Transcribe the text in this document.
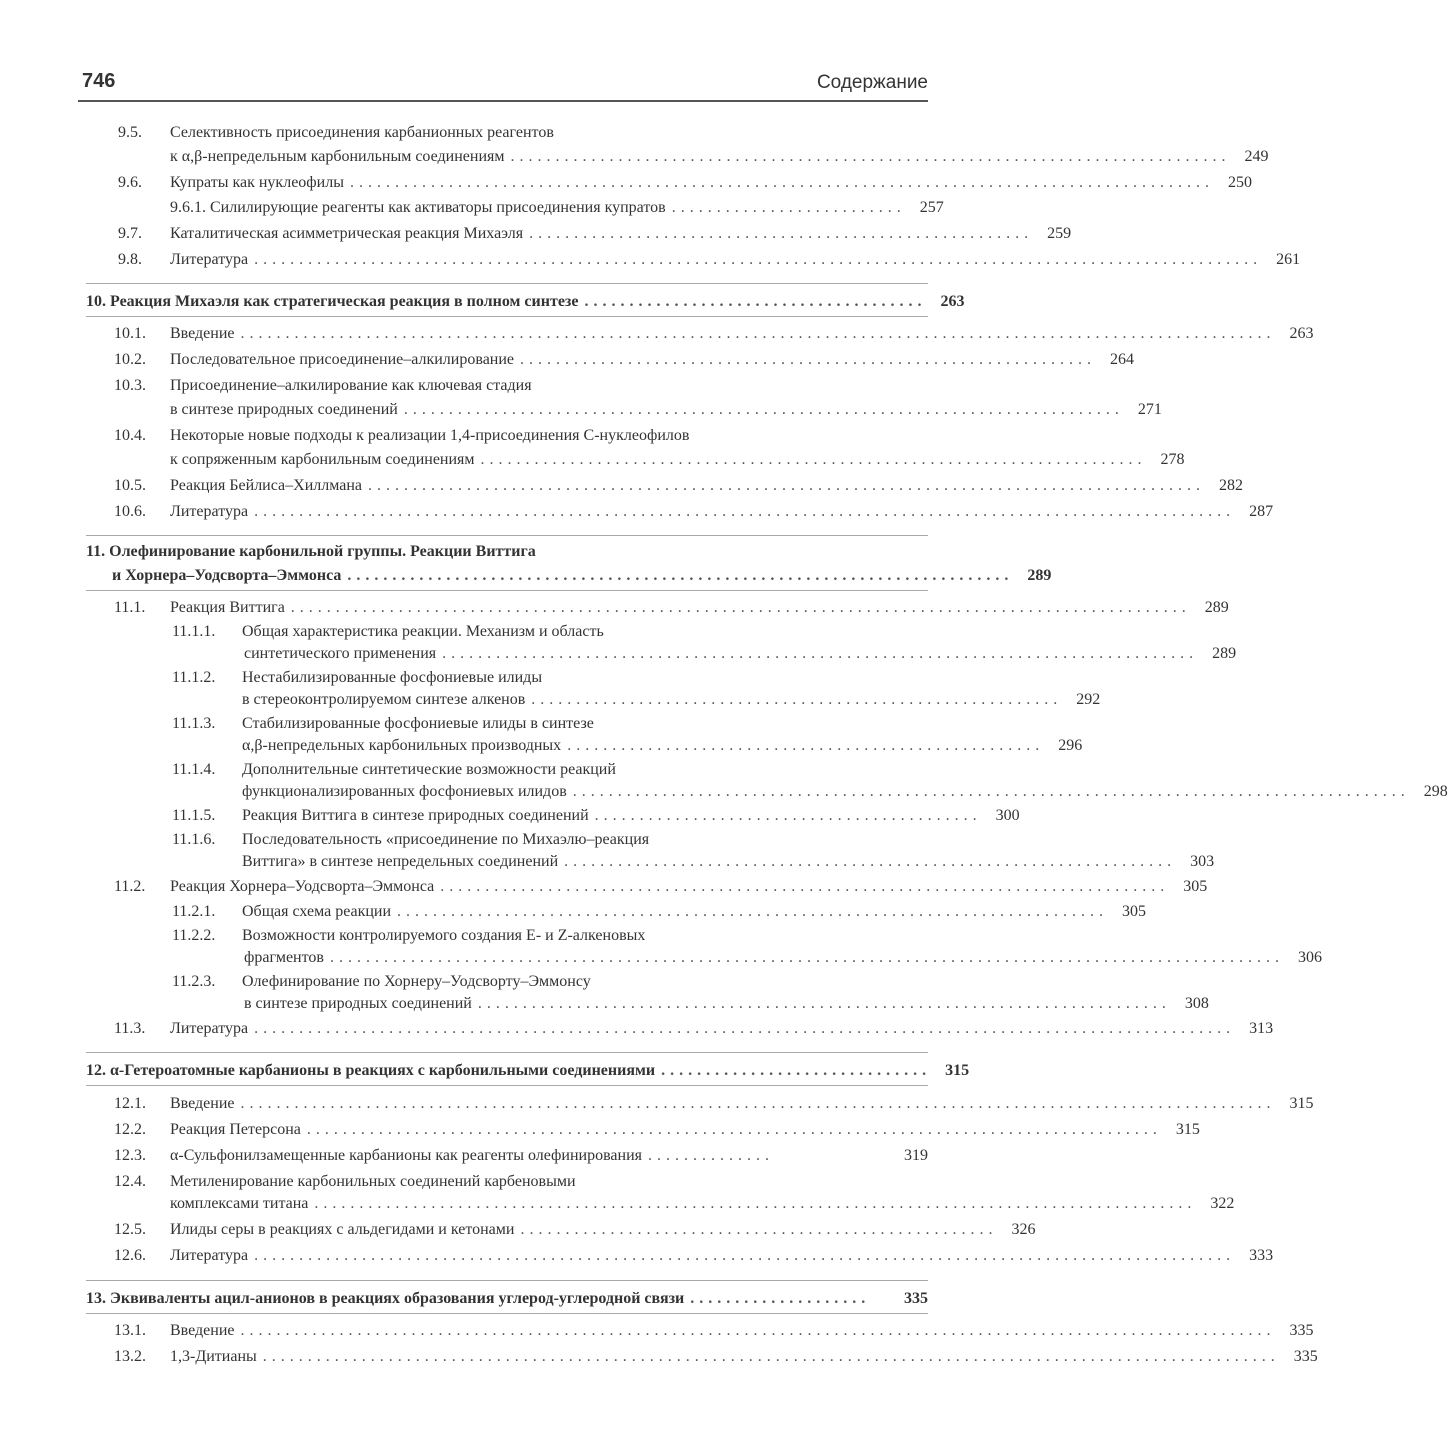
746	Содержание
9.5. Селективность присоединения карбанионных реагентов
к α,β-непредельным карбонильным соединениям ................................................................................ 249
9.6. Купраты как нуклеофилы ................................................................................................ 250
9.6.1. Силилирующие реагенты как активаторы присоединения купратов .......................... 257
9.7. Каталитическая асимметрическая реакция Михаэля ........................................................ 259
9.8. Литература ................................................................................................................ 261
10. Реакция Михаэля как стратегическая реакция в полном синтезе ...................................... 263
10.1. Введение ................................................................................................................... 263
10.2. Последовательное присоединение–алкилирование ................................................................ 264
10.3. Присоединение–алкилирование как ключевая стадия
в синтезе природных соединений ................................................................................ 271
10.4. Некоторые новые подходы к реализации 1,4-присоединения С-нуклеофилов
к сопряженным карбонильным соединениям .......................................................................... 278
10.5. Реакция Бейлиса–Хиллмана ............................................................................................. 282
10.6. Литература ............................................................................................................. 287
11. Олефинирование карбонильной группы. Реакции Виттига
и Хорнера–Уодсворта–Эммонса .......................................................................... 289
11.1. Реакция Виттига .................................................................................................... 289
11.1.1. Общая характеристика реакции. Механизм и область
синтетического применения .................................................................................... 289
11.1.2. Нестабилизированные фосфониевые илиды
в стереоконтролируемом синтезе алкенов ........................................................... 292
11.1.3. Стабилизированные фосфониевые илиды в синтезе
α,β-непредельных карбонильных производных ..................................................... 296
11.1.4. Дополнительные синтетические возможности реакций
функционализированных фосфониевых илидов ............................................................................................. 298
11.1.5. Реакция Виттига в синтезе природных соединений ........................................... 300
11.1.6. Последовательность «присоединение по Михаэлю–реакция
Виттига» в синтезе непредельных соединений .................................................................... 303
11.2. Реакция Хорнера–Уодсворта–Эммонса ................................................................................. 305
11.2.1. Общая схема реакции ............................................................................... 305
11.2.2. Возможности контролируемого создания E- и Z-алкеновых
фрагментов .......................................................................................................... 306
11.2.3. Олефинирование по Хорнеру–Уодсворту–Эммонсу
в синтезе природных соединений ............................................................................. 308
11.3. Литература ............................................................................................................. 313
12. α-Гетероатомные карбанионы в реакциях с карбонильными соединениями .............................. 315
12.1. Введение ................................................................................................................... 315
12.2. Реакция Петерсона ............................................................................................... 315
12.3. α-Сульфонилзамещенные карбанионы как реагенты олефинирования ..............	319
12.4. Метиленирование карбонильных соединений карбеновыми
комплексами титана .................................................................................................. 322
12.5. Илиды серы в реакциях с альдегидами и кетонами ..................................................... 326
12.6. Литература ............................................................................................................. 333
13. Эквиваленты ацил-анионов в реакциях образования углерод-углеродной связи ....................	335
13.1. Введение ................................................................................................................... 335
13.2. 1,3-Дитианы ................................................................................................................. 335
